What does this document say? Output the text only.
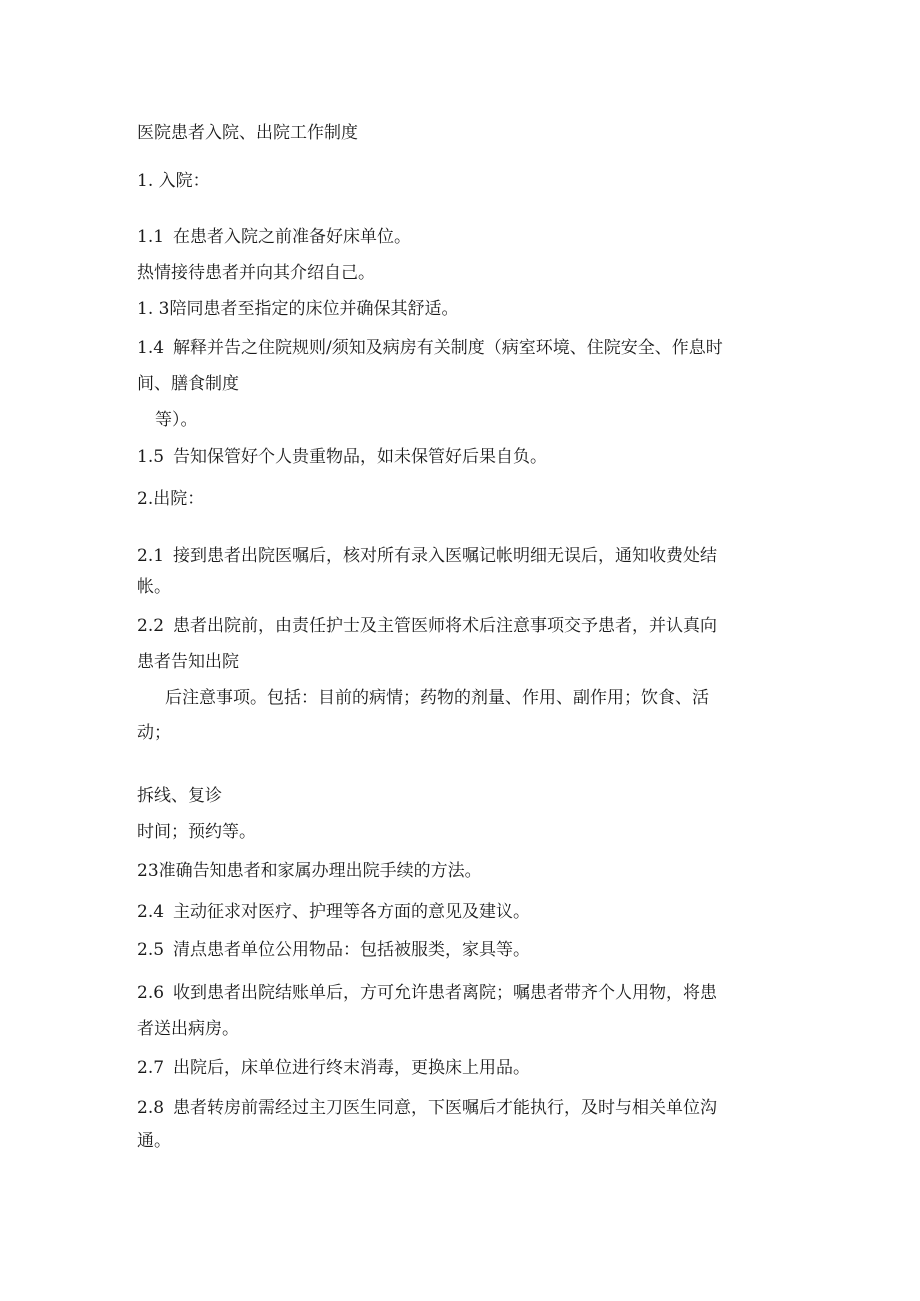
医院患者入院、出院工作制度
1. 入院：
1.1 在患者入院之前准备好床单位。
热情接待患者并向其介绍自己。
1. 3陪同患者至指定的床位并确保其舒适。
1.4 解释并告之住院规则/须知及病房有关制度（病室环境、住院安全、作息时
间、膳食制度
等）。
1.5 告知保管好个人贵重物品，如未保管好后果自负。
2.出院：
2.1 接到患者出院医嘱后，核对所有录入医嘱记帐明细无误后，通知收费处结
帐。
2.2 患者出院前，由责任护士及主管医师将术后注意事项交予患者，并认真向
患者告知出院
后注意事项。包括：目前的病情；药物的剂量、作用、副作用；饮食、活
动；
拆线、复诊
时间；预约等。
23准确告知患者和家属办理出院手续的方法。
2.4 主动征求对医疗、护理等各方面的意见及建议。
2.5 清点患者单位公用物品：包括被服类，家具等。
2.6 收到患者出院结账单后，方可允许患者离院；嘱患者带齐个人用物，将患
者送出病房。
2.7 出院后，床单位进行终末消毒，更换床上用品。
2.8 患者转房前需经过主刀医生同意，下医嘱后才能执行，及时与相关单位沟
通。
